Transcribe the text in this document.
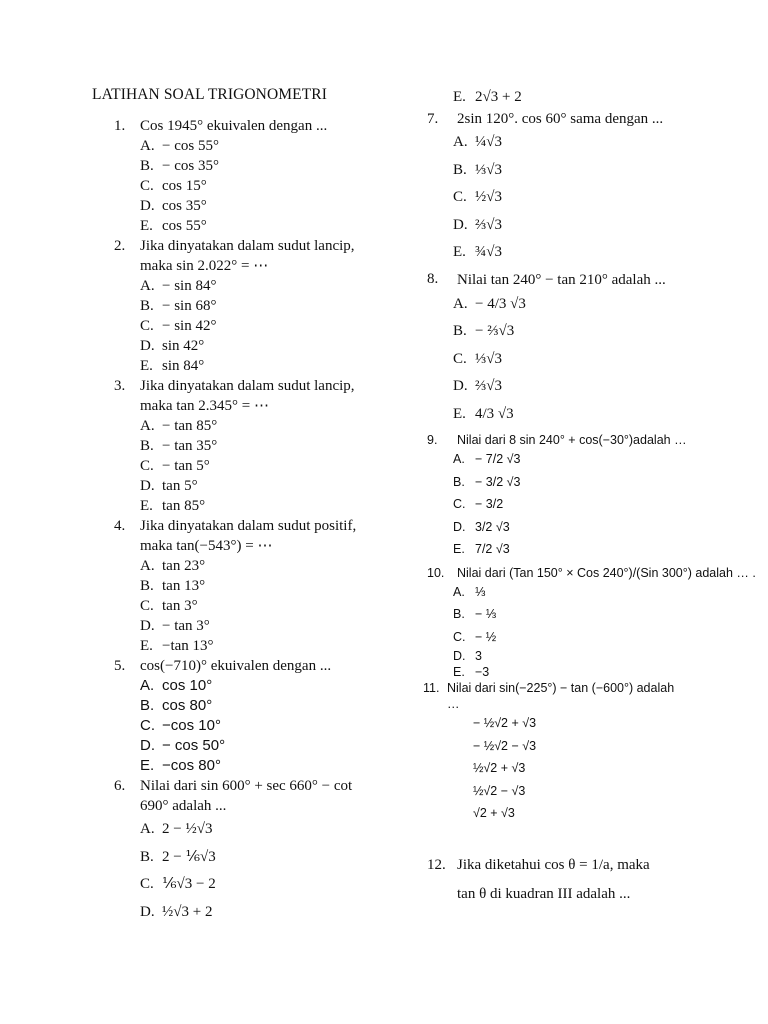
LATIHAN SOAL TRIGONOMETRI
1. Cos 1945° ekuivalen dengan ...
A. − cos 55°
B. − cos 35°
C. cos 15°
D. cos 35°
E. cos 55°
2. Jika dinyatakan dalam sudut lancip, maka sin 2.022° = ⋯
A. − sin 84°
B. − sin 68°
C. − sin 42°
D. sin 42°
E. sin 84°
3. Jika dinyatakan dalam sudut lancip, maka tan 2.345° = ⋯
A. − tan 85°
B. − tan 35°
C. − tan 5°
D. tan 5°
E. tan 85°
4. Jika dinyatakan dalam sudut positif, maka tan(−543°) = ⋯
A. tan 23°
B. tan 13°
C. tan 3°
D. − tan 3°
E. −tan 13°
5. cos(−710)° ekuivalen dengan ...
A. cos 10°
B. cos 80°
C. −cos 10°
D. − cos 50°
E. −cos 80°
6. Nilai dari sin 600° + sec 660° − cot 690° adalah ...
A. 2 − ½√3
B. 2 − ⅙√3
C. ⅙√3 − 2
D. ½√3 + 2
E. 2√3 + 2
7.	2sin 120°. cos 60° sama dengan ...
A. ¼√3
B. ⅓√3
C. ½√3
D. ⅔√3
E. ¾√3
8.	Nilai tan 240° − tan 210° adalah ...
A. − 4/3 √3
B. − ⅔√3
C. ⅓√3
D. ⅔√3
E. 4/3 √3
9.	Nilai dari 8 sin 240° + cos(−30°)adalah …
A. − 7/2 √3
B. − 3/2 √3
C. − 3/2
D. 3/2 √3
E. 7/2 √3
10.	Nilai dari (Tan 150° × Cos 240°)/(Sin 300°) adalah … .
A. ⅓
B. − ⅓
C. − ½
D. 3
E. −3
11. Nilai dari sin(−225°) − tan (−600°) adalah …
− ½√2 + √3
− ½√2 − √3
½√2 + √3
½√2 − √3
√2 + √3
12. Jika diketahui cos θ = 1/a, maka tan θ di kuadran III adalah ...
